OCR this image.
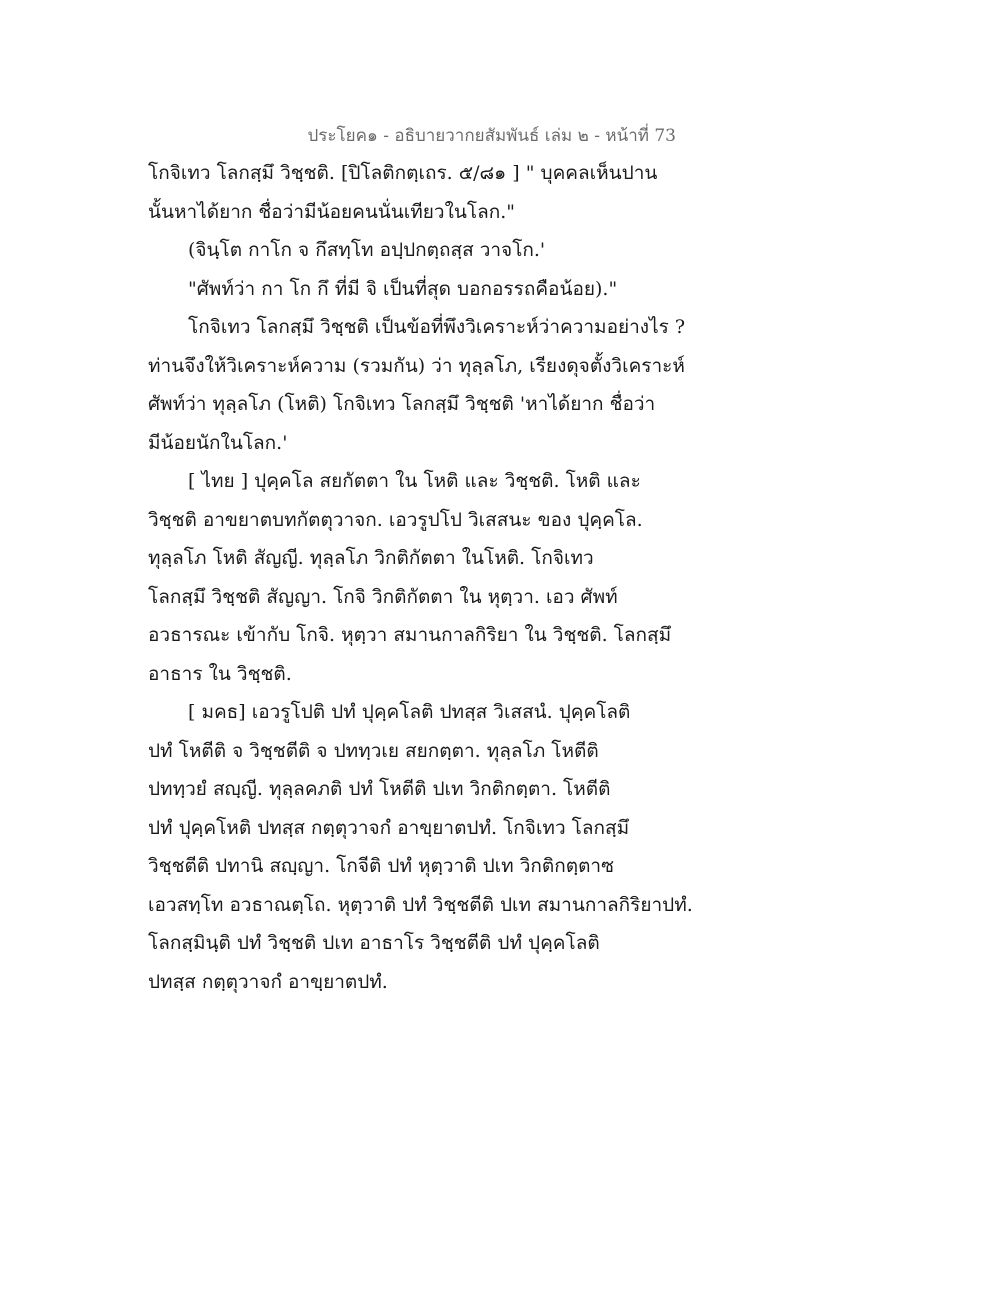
ประโยค๑ - อธิบายวากยสัมพันธ์ เล่ม ๒ - หน้าที่ 73
โกจิเทว โลกสฺมึ วิชฺชติ. [ปิโลติกตฺเถร. ๕/๘๑ ] " บุคคลเห็นปาน
นั้นหาได้ยาก ชื่อว่ามีน้อยคนนั่นเทียวในโลก."
(จินฺโต กาโก จ กึสทฺโท อปฺปกตฺถสฺส วาจโก.'
"ศัพท์ว่า กา โก กึ ที่มี จิ เป็นที่สุด บอกอรรถคือน้อย)."
โกจิเทว โลกสฺมึ วิชฺชติ เป็นข้อที่พึงวิเคราะห์ว่าความอย่างไร ?
ท่านจึงให้วิเคราะห์ความ (รวมกัน) ว่า ทุลฺลโภ, เรียงดุจตั้งวิเคราะห์
ศัพท์ว่า ทุลฺลโภ (โหติ) โกจิเทว โลกสฺมึ วิชฺชติ 'หาได้ยาก ชื่อว่า
มีน้อยนักในโลก.'
[ ไทย ] ปุคฺคโล สยกัตตา ใน โหติ และ วิชฺชติ. โหติ และ
วิชฺชติ อาขยาตบทกัตตุวาจก. เอวรูปโป วิเสสนะ ของ ปุคฺคโล.
ทุลฺลโภ โหติ สัญญี. ทุลฺลโภ วิกติกัตตา ในโหติ. โกจิเทว
โลกสฺมึ วิชฺชติ สัญญา. โกจิ วิกติกัตตา ใน หุตฺวา. เอว ศัพท์
อวธารณะ เข้ากับ โกจิ. หุตฺวา สมานกาลกิริยา ใน วิชฺชติ. โลกสฺมึ
อาธาร ใน วิชฺชติ.
[ มคธ] เอวรูโปติ ปทํ ปุคฺคโลติ ปทสฺส วิเสสนํ. ปุคฺคโลติ
ปทํ โหตีติ จ วิชฺชตีติ จ ปททฺวเย สยกตฺตา. ทุลฺลโภ โหตีติ
ปททฺวยํ สญฺญี. ทุลฺลคภติ ปทํ โหตีติ ปเท วิกติกตฺตา. โหตีติ
ปทํ ปุคฺคโหติ ปทสฺส กตฺตุวาจกํ อาขฺยาตปทํ. โกจิเทว โลกสฺมึ
วิชฺชตีติ ปทานิ สญฺญา. โกจีติ ปทํ หุตฺวาติ ปเท วิกติกตฺตาซ
เอวสทฺโท อวธาณตฺโถ. หุตฺวาติ ปทํ วิชฺชตีติ ปเท สมานกาลกิริยาปทํ.
โลกสฺมินฺติ ปทํ วิชฺชติ ปเท อาธาโร วิชฺชตีติ ปทํ ปุคฺคโลติ
ปทสฺส กตฺตุวาจกํ อาขฺยาตปทํ.
